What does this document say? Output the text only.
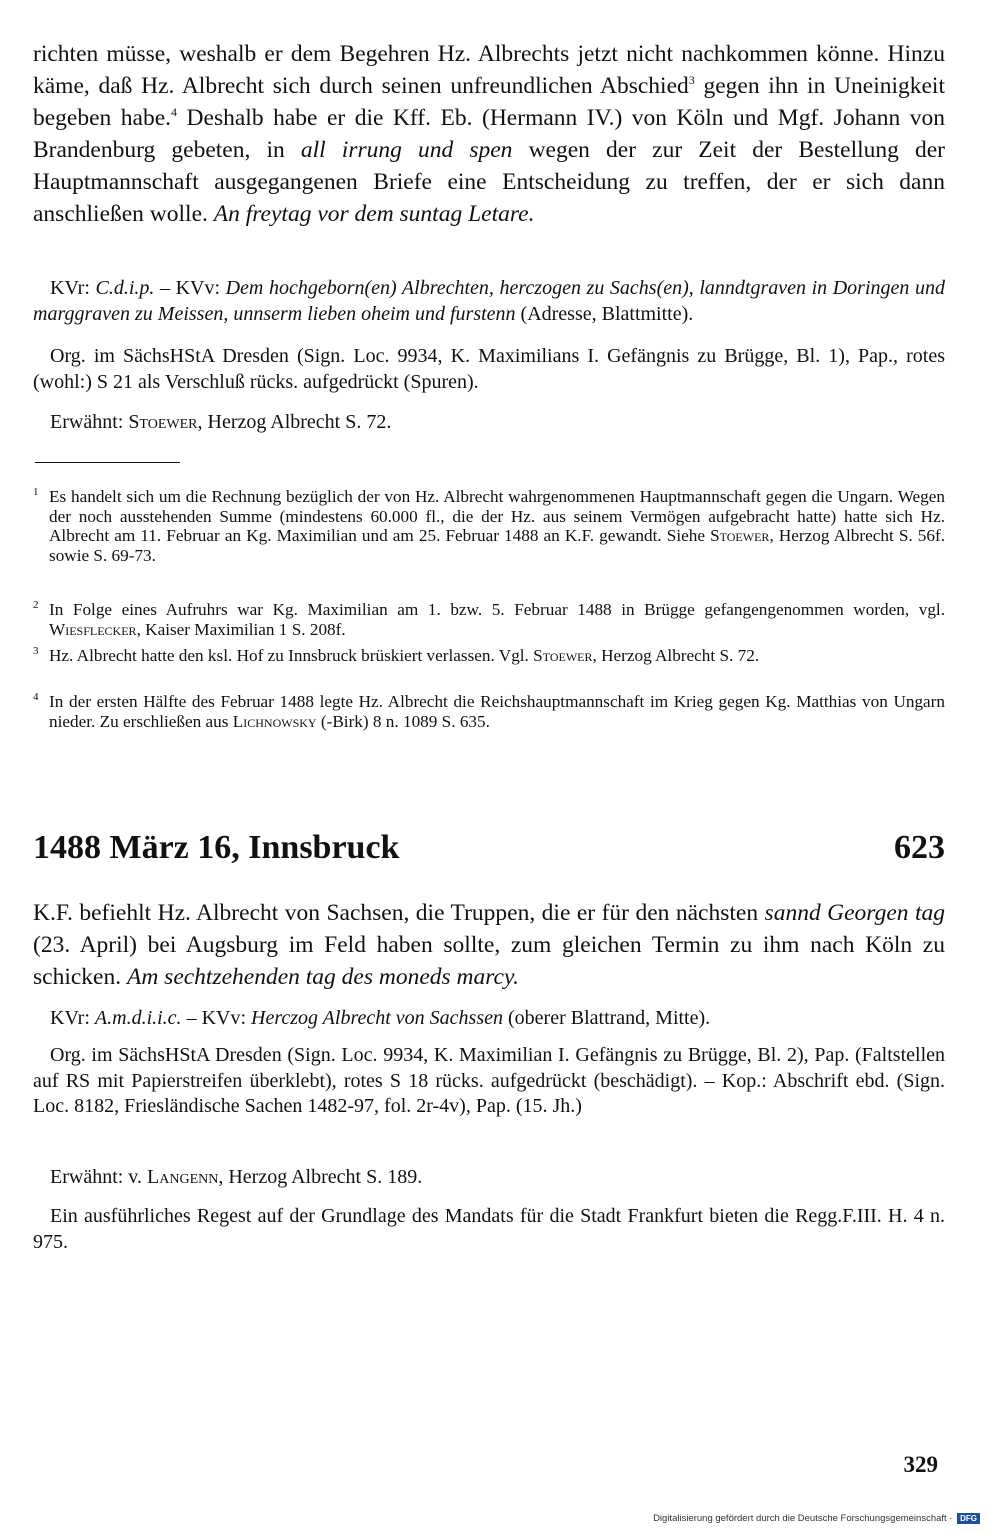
richten müsse, weshalb er dem Begehren Hz. Albrechts jetzt nicht nachkommen könne. Hinzu käme, daß Hz. Albrecht sich durch seinen unfreundlichen Abschied$^3$ gegen ihn in Uneinigkeit begeben habe.$^4$ Deshalb habe er die Kff. Eb. (Hermann IV.) von Köln und Mgf. Johann von Brandenburg gebeten, in all irrung und spen wegen der zur Zeit der Bestellung der Hauptmannschaft ausgegangenen Briefe eine Entscheidung zu treffen, der er sich dann anschließen wolle. An freytag vor dem suntag Letare.

KVr: C.d.i.p. – KVv: Dem hochgeborn(en) Albrechten, herczogen zu Sachs(en), lanndtgraven in Doringen und marggraven zu Meissen, unnserm lieben oheim und furstenn (Adresse, Blattmitte).

Org. im SächsHStA Dresden (Sign. Loc. 9934, K. Maximilians I. Gefängnis zu Brügge, Bl. 1), Pap., rotes (wohl:) S 21 als Verschluß rücks. aufgedrückt (Spuren).

Erwähnt: Stoewer, Herzog Albrecht S. 72.

1 Es handelt sich um die Rechnung bezüglich der von Hz. Albrecht wahrgenommenen Hauptmannschaft gegen die Ungarn. Wegen der noch ausstehenden Summe (mindestens 60.000 fl., die der Hz. aus seinem Vermögen aufgebracht hatte) hatte sich Hz. Albrecht am 11. Februar an Kg. Maximilian und am 25. Februar 1488 an K.F. gewandt. Siehe Stoewer, Herzog Albrecht S. 56f. sowie S. 69-73.

2 In Folge eines Aufruhrs war Kg. Maximilian am 1. bzw. 5. Februar 1488 in Brügge gefangengenommen worden, vgl. Wiesflecker, Kaiser Maximilian 1 S. 208f.

3 Hz. Albrecht hatte den ksl. Hof zu Innsbruck brüskiert verlassen. Vgl. Stoewer, Herzog Albrecht S. 72.

4 In der ersten Hälfte des Februar 1488 legte Hz. Albrecht die Reichshauptmannschaft im Krieg gegen Kg. Matthias von Ungarn nieder. Zu erschließen aus Lichnowsky (-Birk) 8 n. 1089 S. 635.

1488 März 16, Innsbruck	623

K.F. befiehlt Hz. Albrecht von Sachsen, die Truppen, die er für den nächsten sannd Georgen tag (23. April) bei Augsburg im Feld haben sollte, zum gleichen Termin zu ihm nach Köln zu schicken. Am sechtzehenden tag des moneds marcy.

KVr: A.m.d.i.i.c. – KVv: Herczog Albrecht von Sachssen (oberer Blattrand, Mitte).

Org. im SächsHStA Dresden (Sign. Loc. 9934, K. Maximilian I. Gefängnis zu Brügge, Bl. 2), Pap. (Faltstellen auf RS mit Papierstreifen überklebt), rotes S 18 rücks. aufgedrückt (beschädigt). – Kop.: Abschrift ebd. (Sign. Loc. 8182, Friesländische Sachen 1482-97, fol. 2r-4v), Pap. (15. Jh.)

Erwähnt: v. Langenn, Herzog Albrecht S. 189.

Ein ausführliches Regest auf der Grundlage des Mandats für die Stadt Frankfurt bieten die Regg.F.III. H. 4 n. 975.

329
Digitalisierung gefördert durch die Deutsche Forschungsgemeinschaft · DFG
